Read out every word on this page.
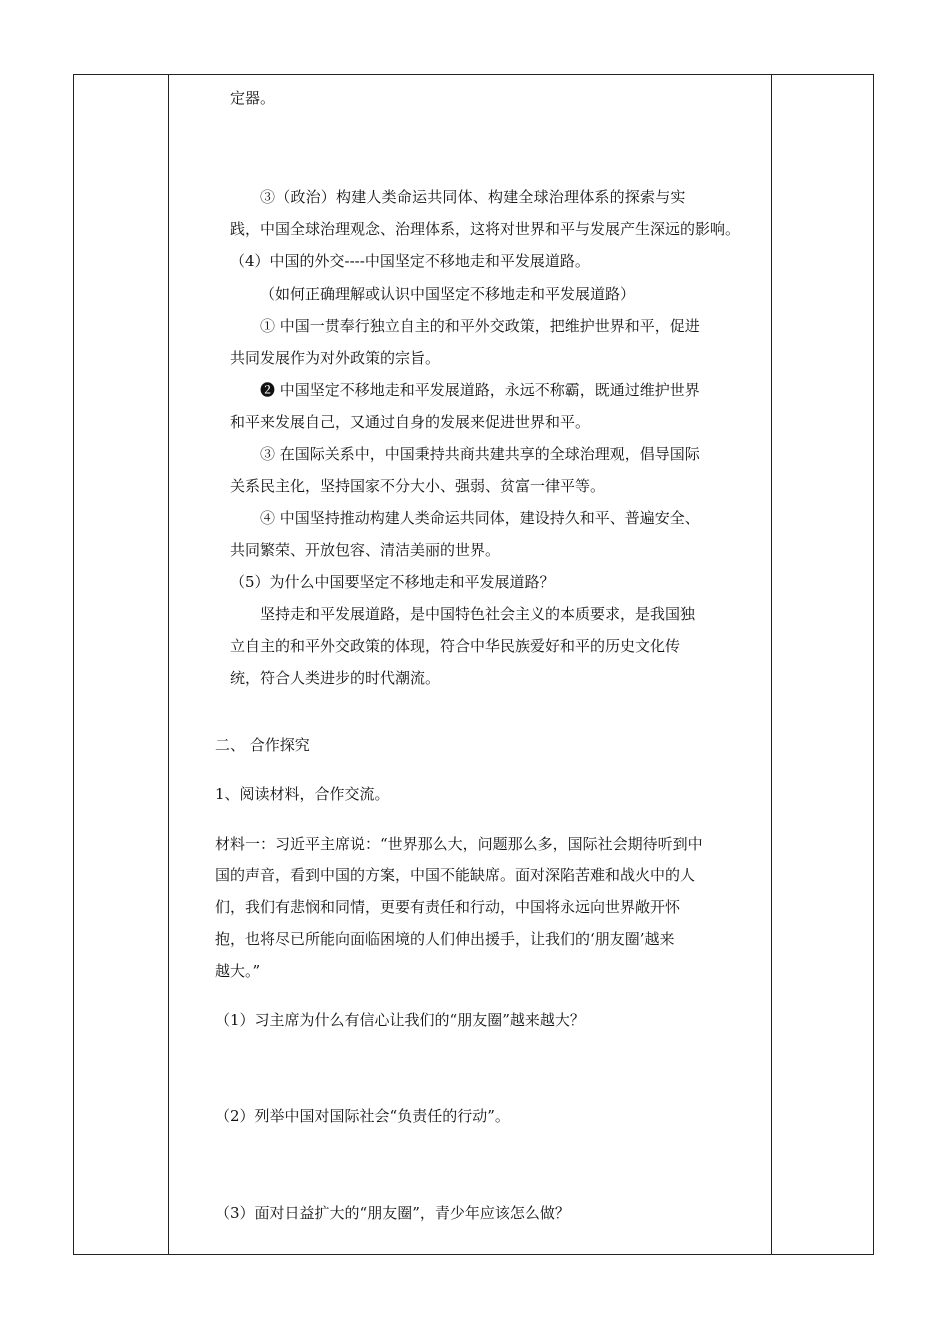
定器。
③（政治）构建人类命运共同体、构建全球治理体系的探索与实
践，中国全球治理观念、治理体系，这将对世界和平与发展产生深远的影响。
（4）中国的外交----中国坚定不移地走和平发展道路。
（如何正确理解或认识中国坚定不移地走和平发展道路）
① 中国一贯奉行独立自主的和平外交政策，把维护世界和平，促进
共同发展作为对外政策的宗旨。
❷ 中国坚定不移地走和平发展道路，永远不称霸，既通过维护世界
和平来发展自己，又通过自身的发展来促进世界和平。
③ 在国际关系中，中国秉持共商共建共享的全球治理观，倡导国际
关系民主化，坚持国家不分大小、强弱、贫富一律平等。
④ 中国坚持推动构建人类命运共同体，建设持久和平、普遍安全、
共同繁荣、开放包容、清洁美丽的世界。
（5）为什么中国要坚定不移地走和平发展道路？
坚持走和平发展道路，是中国特色社会主义的本质要求，是我国独
立自主的和平外交政策的体现，符合中华民族爱好和平的历史文化传
统，符合人类进步的时代潮流。
二、 合作探究
1、阅读材料，合作交流。
材料一：习近平主席说：“世界那么大，问题那么多，国际社会期待听到中
国的声音，看到中国的方案，中国不能缺席。面对深陷苦难和战火中的人
们，我们有悲悯和同情，更要有责任和行动，中国将永远向世界敞开怀
抱，也将尽已所能向面临困境的人们伸出援手，让我们的‘朋友圈’越来
越大。”
（1）习主席为什么有信心让我们的“朋友圈”越来越大？
（2）列举中国对国际社会“负责任的行动”。
（3）面对日益扩大的“朋友圈”，青少年应该怎么做？
